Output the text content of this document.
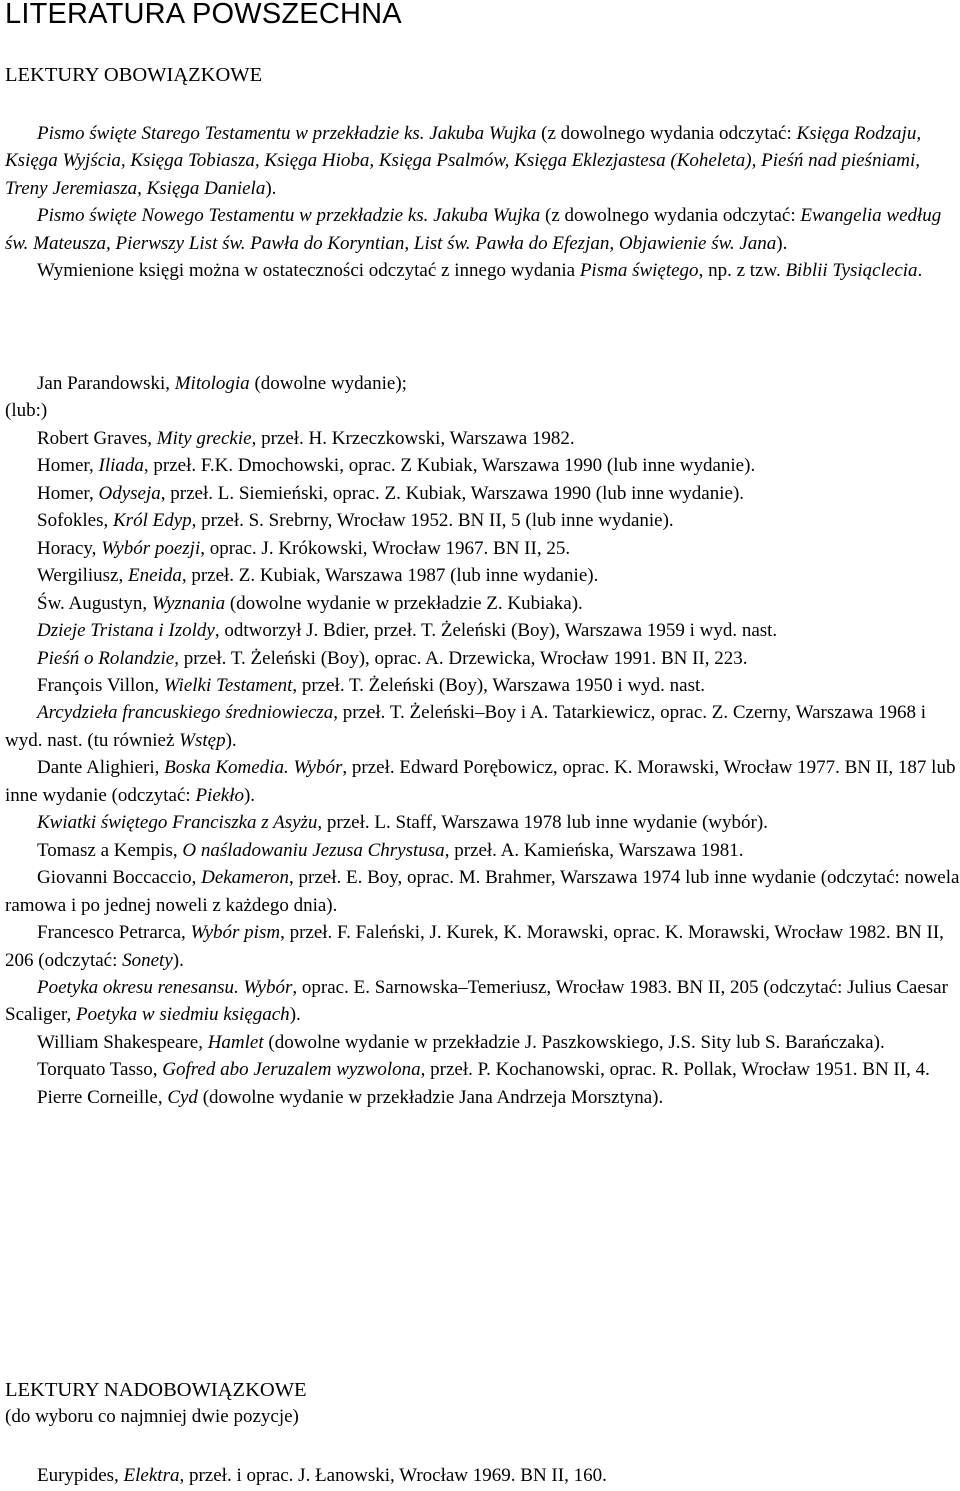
LITERATURA POWSZECHNA
LEKTURY OBOWIĄZKOWE

Pismo święte Starego Testamentu w przekładzie ks. Jakuba Wujka (z dowolnego wydania odczytać: Księga Rodzaju, Księga Wyjścia, Księga Tobiasza, Księga Hioba, Księga Psalmów, Księga Eklezjastesa (Koheleta), Pieśń nad pieśniami, Treny Jeremiasza, Księga Daniela).

Pismo święte Nowego Testamentu w przekładzie ks. Jakuba Wujka (z dowolnego wydania odczytać: Ewangelia według św. Mateusza, Pierwszy List św. Pawła do Koryntian, List św. Pawła do Efezjan, Objawienie św. Jana).

Wymienione księgi można w ostateczności odczytać z innego wydania Pisma świętego, np. z tzw. Biblii Tysiąclecia.

Jan Parandowski, Mitologia (dowolne wydanie);

(lub:)

Robert Graves, Mity greckie, przeł. H. Krzeczkowski, Warszawa 1982.

Homer, Iliada, przeł. F.K. Dmochowski, oprac. Z Kubiak, Warszawa 1990 (lub inne wydanie).

Homer, Odyseja, przeł. L. Siemieński, oprac. Z. Kubiak, Warszawa 1990 (lub inne wydanie).

Sofokles, Król Edyp, przeł. S. Srebrny, Wrocław 1952. BN II, 5 (lub inne wydanie).

Horacy, Wybór poezji, oprac. J. Krókowski, Wrocław 1967. BN II, 25.

Wergiliusz, Eneida, przeł. Z. Kubiak, Warszawa 1987 (lub inne wydanie).

Św. Augustyn, Wyznania (dowolne wydanie w przekładzie Z. Kubiaka).

Dzieje Tristana i Izoldy, odtworzył J. Bdier, przeł. T. Żeleński (Boy), Warszawa 1959 i wyd. nast.

Pieśń o Rolandzie, przeł. T. Żeleński (Boy), oprac. A. Drzewicka, Wrocław 1991. BN II, 223.

François Villon, Wielki Testament, przeł. T. Żeleński (Boy), Warszawa 1950 i wyd. nast.

Arcydzieła francuskiego średniowiecza, przeł. T. Żeleński–Boy i A. Tatarkiewicz, oprac. Z. Czerny, Warszawa 1968 i wyd. nast. (tu również Wstęp).

Dante Alighieri, Boska Komedia. Wybór, przeł. Edward Porębowicz, oprac. K. Morawski, Wrocław 1977. BN II, 187 lub inne wydanie (odczytać: Piekło).

Kwiatki świętego Franciszka z Asyżu, przeł. L. Staff, Warszawa 1978 lub inne wydanie (wybór).

Tomasz a Kempis, O naśladowaniu Jezusa Chrystusa, przeł. A. Kamieńska, Warszawa 1981.

Giovanni Boccaccio, Dekameron, przeł. E. Boy, oprac. M. Brahmer, Warszawa 1974 lub inne wydanie (odczytać: nowela ramowa i po jednej noweli z każdego dnia).

Francesco Petrarca, Wybór pism, przeł. F. Faleński, J. Kurek, K. Morawski, oprac. K. Morawski, Wrocław 1982. BN II, 206 (odczytać: Sonety).

Poetyka okresu renesansu. Wybór, oprac. E. Sarnowska–Temeriusz, Wrocław 1983. BN II, 205 (odczytać: Julius Caesar Scaliger, Poetyka w siedmiu księgach).

William Shakespeare, Hamlet (dowolne wydanie w przekładzie J. Paszkowskiego, J.S. Sity lub S. Barańczaka).

Torquato Tasso, Gofred abo Jeruzalem wyzwolona, przeł. P. Kochanowski, oprac. R. Pollak, Wrocław 1951. BN II, 4.

Pierre Corneille, Cyd (dowolne wydanie w przekładzie Jana Andrzeja Morsztyna).

LEKTURY NADOBOWIĄZKOWE
(do wyboru co najmniej dwie pozycje)

Eurypides, Elektra, przeł. i oprac. J. Łanowski, Wrocław 1969. BN II, 160.
